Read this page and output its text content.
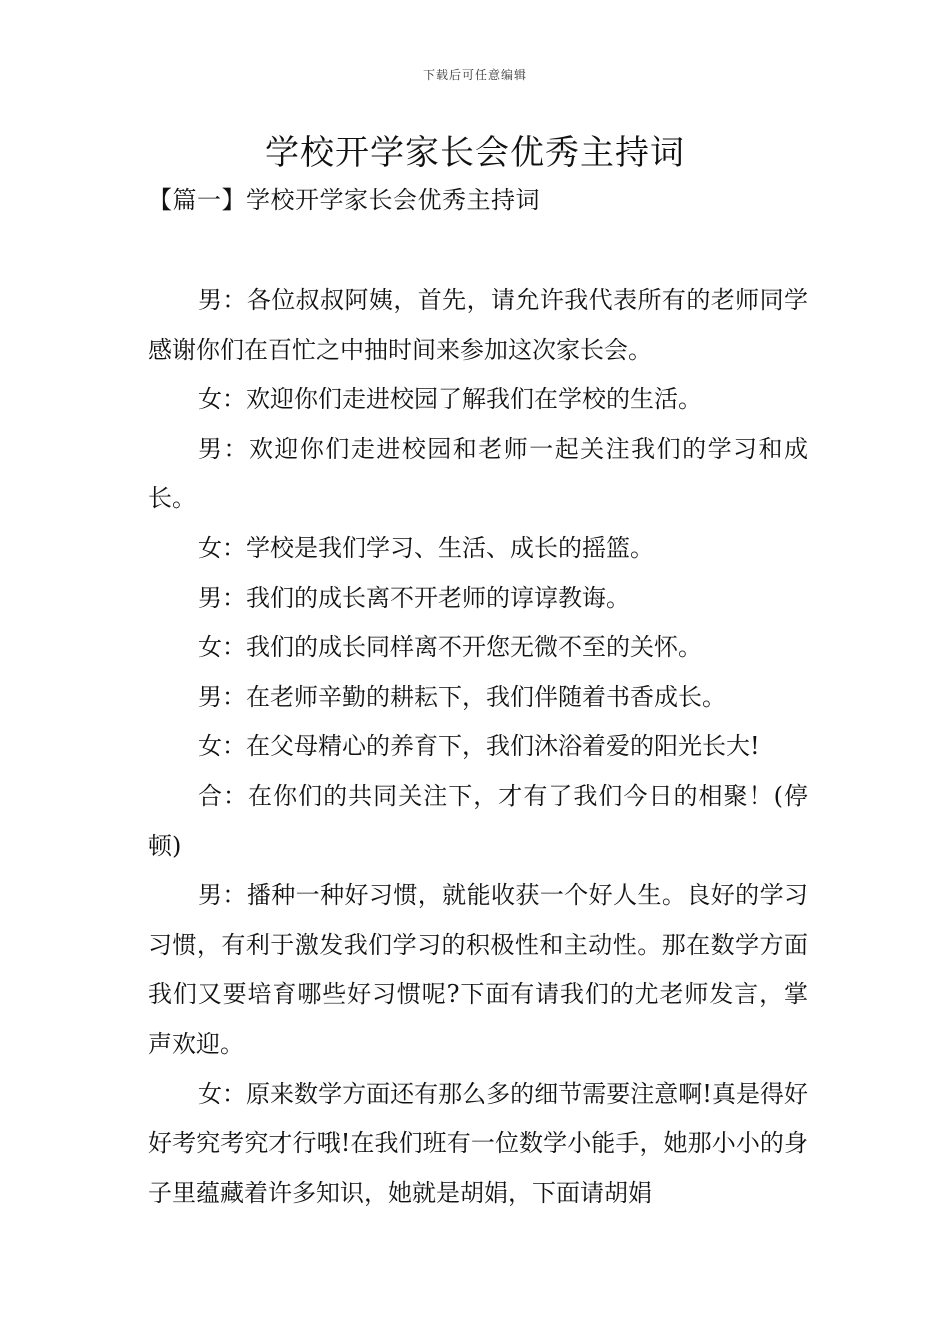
下载后可任意编辑
学校开学家长会优秀主持词
【篇一】学校开学家长会优秀主持词

男：各位叔叔阿姨，首先，请允许我代表所有的老师同学感谢你们在百忙之中抽时间来参加这次家长会。

女：欢迎你们走进校园了解我们在学校的生活。

男：欢迎你们走进校园和老师一起关注我们的学习和成长。

女：学校是我们学习、生活、成长的摇篮。

男：我们的成长离不开老师的谆谆教诲。

女：我们的成长同样离不开您无微不至的关怀。

男：在老师辛勤的耕耘下，我们伴随着书香成长。

女：在父母精心的养育下，我们沐浴着爱的阳光长大!

合：在你们的共同关注下，才有了我们今日的相聚！(停顿)

男：播种一种好习惯，就能收获一个好人生。良好的学习习惯，有利于激发我们学习的积极性和主动性。那在数学方面我们又要培育哪些好习惯呢?下面有请我们的尤老师发言，掌声欢迎。

女：原来数学方面还有那么多的细节需要注意啊!真是得好好考究考究才行哦!在我们班有一位数学小能手，她那小小的身子里蕴藏着许多知识，她就是胡娟，下面请胡娟
